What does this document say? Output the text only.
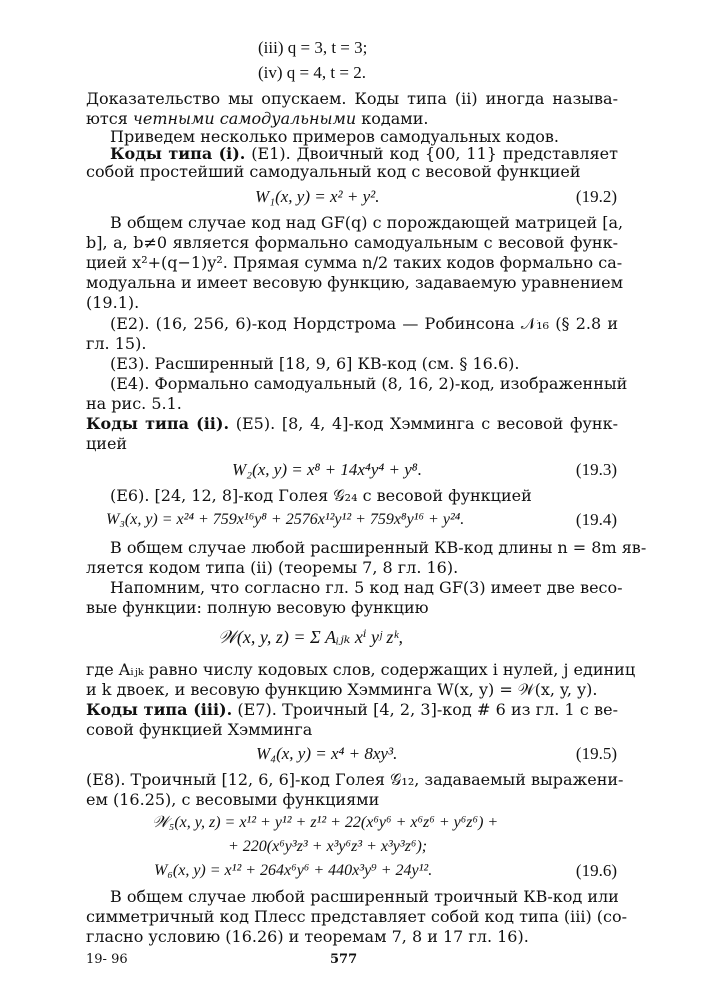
(iii) q = 3, t = 3;
(iv) q = 4, t = 2.
Доказательство мы опускаем. Коды типа (ii) иногда называ-
ются четными самодуальными кодами.
Приведем несколько примеров самодуальных кодов.
Коды типа (i). (E1). Двоичный код {00, 11} представляет
собой простейший самодуальный код с весовой функцией
W₁(x, y) = x² + y².	(19.2)
В общем случае код над GF(q) с порождающей матрицей [a,
b], a, b≠0 является формально самодуальным с весовой функ-
цией x²+(q−1)y². Прямая сумма n/2 таких кодов формально са-
модуальна и имеет весовую функцию, задаваемую уравнением
(19.1).
(E2). (16, 256, 6)-код Нордстрома — Робинсона 𝒩₁₆ (§ 2.8 и
гл. 15).
(E3). Расширенный [18, 9, 6] КВ-код (см. § 16.6).
(E4). Формально самодуальный (8, 16, 2)-код, изображенный
на рис. 5.1.
Коды типа (ii). (E5). [8, 4, 4]-код Хэмминга с весовой функ-
цией
W₂(x, y) = x⁸ + 14x⁴y⁴ + y⁸.	(19.3)
(E6). [24, 12, 8]-код Голея 𝒢₂₄ с весовой функцией
W₃(x, y) = x²⁴ + 759x¹⁶y⁸ + 2576x¹²y¹² + 759x⁸y¹⁶ + y²⁴.	(19.4)
В общем случае любой расширенный КВ-код длины n = 8m яв-
ляется кодом типа (ii) (теоремы 7, 8 гл. 16).
Напомним, что согласно гл. 5 код над GF(3) имеет две весо-
вые функции: полную весовую функцию
𝒲(x, y, z) = Σ Aᵢⱼₖ xⁱ yʲ zᵏ,
где Aᵢⱼₖ равно числу кодовых слов, содержащих i нулей, j единиц
и k двоек, и весовую функцию Хэмминга W(x, y) = 𝒲(x, y, y).
Коды типа (iii). (E7). Троичный [4, 2, 3]-код # 6 из гл. 1 с ве-
совой функцией Хэмминга
W₄(x, y) = x⁴ + 8xy³.	(19.5)
(E8). Троичный [12, 6, 6]-код Голея 𝒢₁₂, задаваемый выражени-
ем (16.25), с весовыми функциями
𝒲₅(x, y, z) = x¹² + y¹² + z¹² + 22(x⁶y⁶ + x⁶z⁶ + y⁶z⁶) +
+ 220(x⁶y³z³ + x³y⁶z³ + x³y³z⁶);
W₆(x, y) = x¹² + 264x⁶y⁶ + 440x³y⁹ + 24y¹².	(19.6)
В общем случае любой расширенный троичный КВ-код или
симметричный код Плесс представляет собой код типа (iii) (со-
гласно условию (16.26) и теоремам 7, 8 и 17 гл. 16).
19- 96	577
